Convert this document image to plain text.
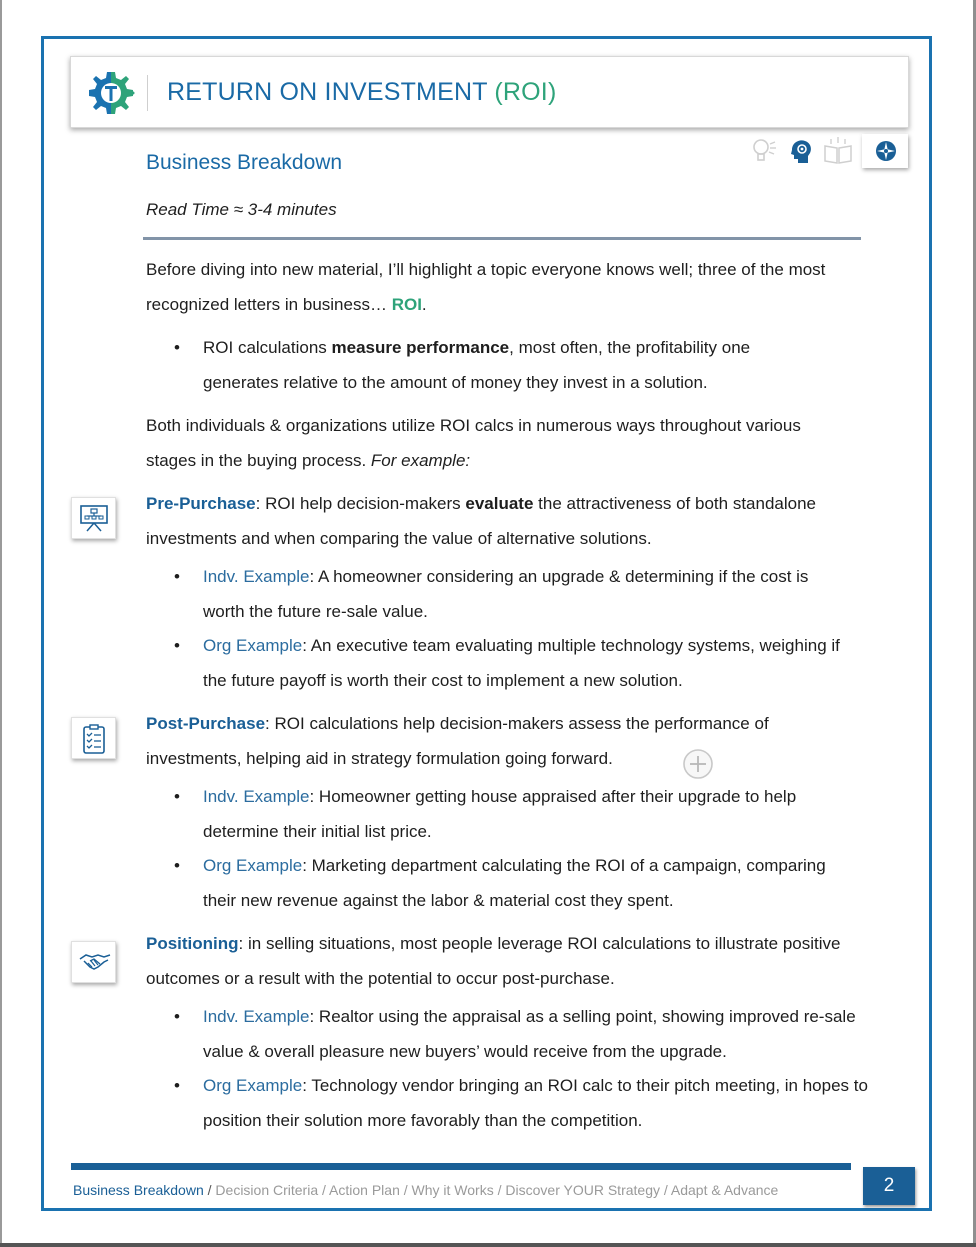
RETURN ON INVESTMENT (ROI)
Business Breakdown
Read Time ≈ 3-4 minutes

Before diving into new material, I’ll highlight a topic everyone knows well; three of the most recognized letters in business… ROI.

• ROI calculations measure performance, most often, the profitability one generates relative to the amount of money they invest in a solution.

Both individuals & organizations utilize ROI calcs in numerous ways throughout various stages in the buying process. For example:

Pre-Purchase: ROI help decision-makers evaluate the attractiveness of both standalone investments and when comparing the value of alternative solutions.

• Indv. Example: A homeowner considering an upgrade & determining if the cost is worth the future re-sale value.
• Org Example: An executive team evaluating multiple technology systems, weighing if the future payoff is worth their cost to implement a new solution.

Post-Purchase: ROI calculations help decision-makers assess the performance of investments, helping aid in strategy formulation going forward.

• Indv. Example: Homeowner getting house appraised after their upgrade to help determine their initial list price.
• Org Example: Marketing department calculating the ROI of a campaign, comparing their new revenue against the labor & material cost they spent.

Positioning: in selling situations, most people leverage ROI calculations to illustrate positive outcomes or a result with the potential to occur post-purchase.

• Indv. Example: Realtor using the appraisal as a selling point, showing improved re-sale value & overall pleasure new buyers’ would receive from the upgrade.
• Org Example: Technology vendor bringing an ROI calc to their pitch meeting, in hopes to position their solution more favorably than the competition.
Business Breakdown / Decision Criteria / Action Plan / Why it Works / Discover YOUR Strategy / Adapt & Advance	2
